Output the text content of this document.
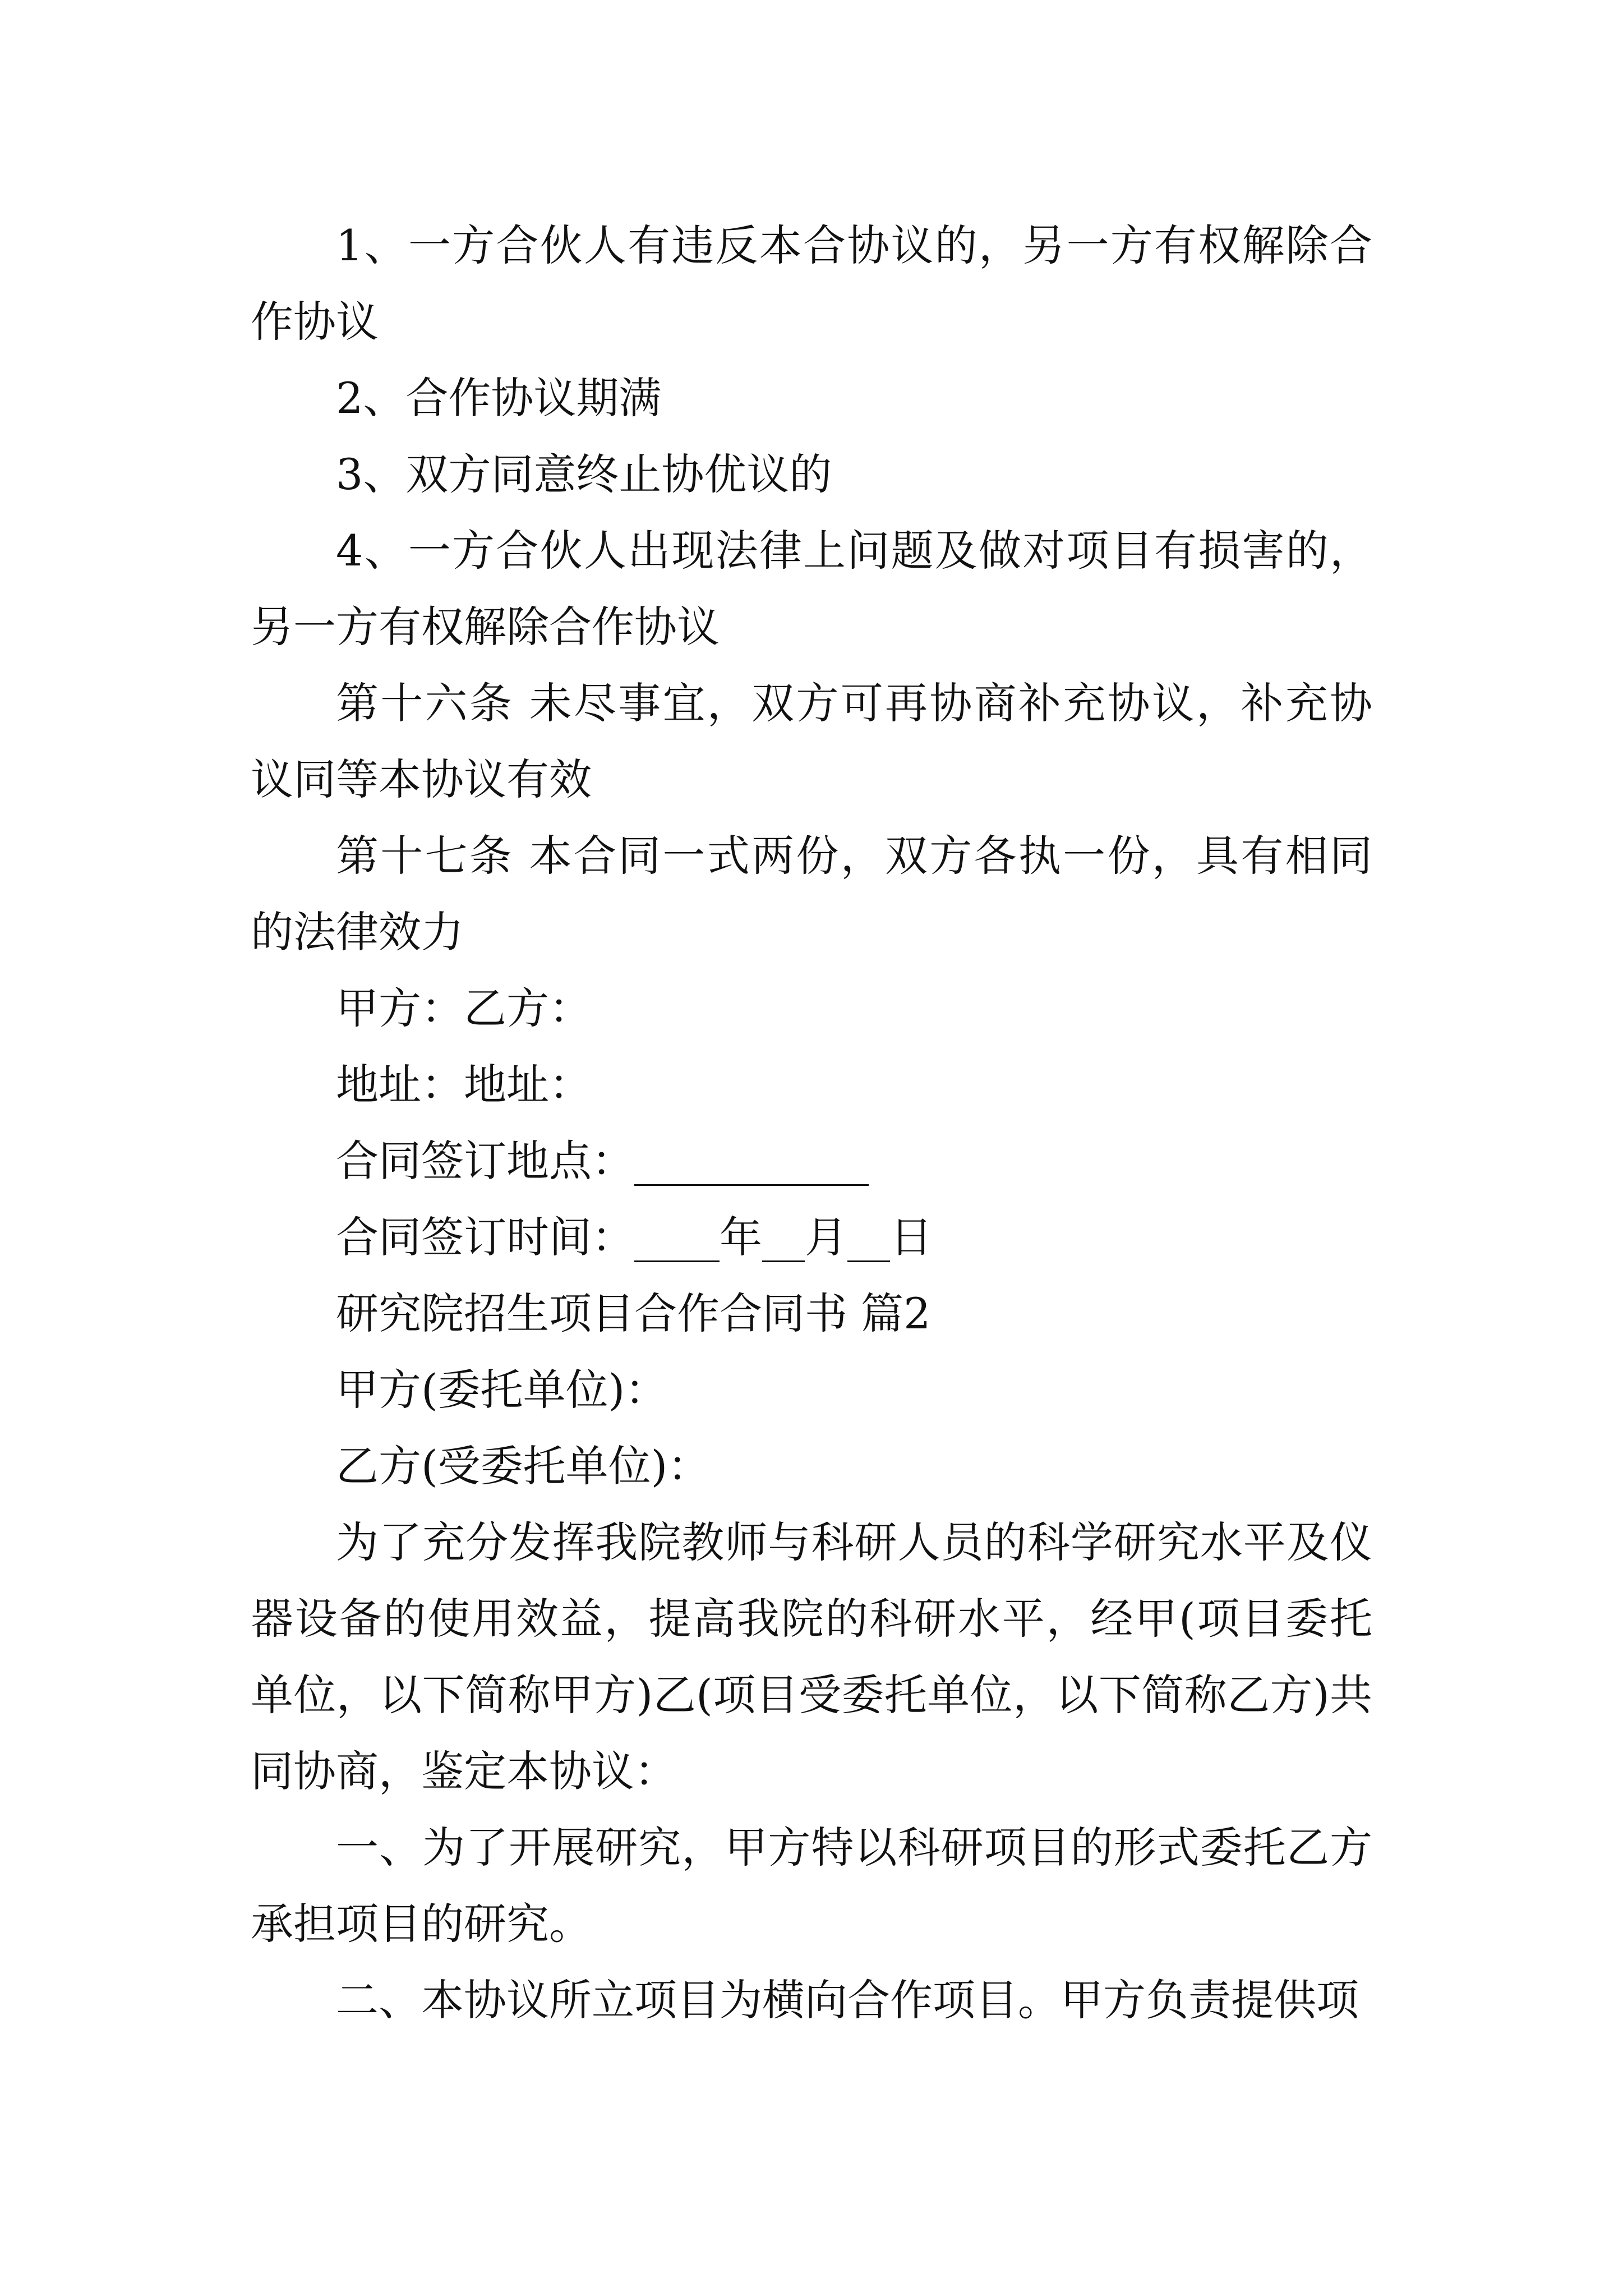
1、一方合伙人有违反本合协议的，另一方有权解除合作协议

2、合作协议期满

3、双方同意终止协优议的

4、一方合伙人出现法律上问题及做对项目有损害的，另一方有权解除合作协议

第十六条 未尽事宜，双方可再协商补充协议，补充协议同等本协议有效

第十七条 本合同一式两份，双方各执一份，具有相同的法律效力

甲方：乙方：

地址：地址：

合同签订地点：___________

合同签订时间：____年__月__日

研究院招生项目合作合同书 篇2

甲方(委托单位)：

乙方(受委托单位)：

为了充分发挥我院教师与科研人员的科学研究水平及仪器设备的使用效益，提高我院的科研水平，经甲(项目委托单位，以下简称甲方)乙(项目受委托单位，以下简称乙方)共同协商，鉴定本协议：

一、为了开展研究，甲方特以科研项目的形式委托乙方承担项目的研究。

二、本协议所立项目为横向合作项目。甲方负责提供项
